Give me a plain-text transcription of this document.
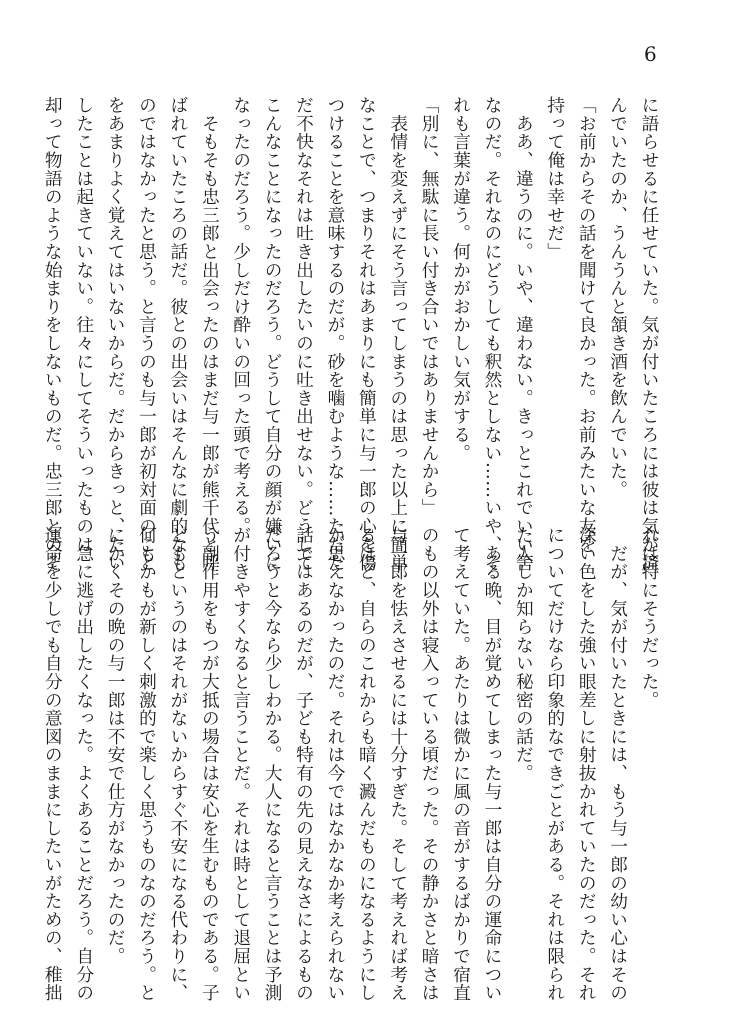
6
に語らせるに任せていた。気が付いたころには彼は気が済
んでいたのか、うんうんと頷き酒を飲んでいた。
「お前からその話を聞けて良かった。お前みたいな友を
持って俺は幸せだ」
　ああ、違うのに。いや、違わない。きっとこれでいい筈
なのだ。それなのにどうしても釈然としない……いや、そ
れも言葉が違う。何かがおかしい気がする。
「別に、無駄に長い付き合いではありませんから」
　表情を変えずにそう言ってしまうのは思った以上に簡単
なことで、つまりそれはあまりにも簡単に与一郎の心を傷
つけることを意味するのだが。砂を噛むような……ただた
だ不快なそれは吐き出したいのに吐き出せない。どうして
こんなことになったのだろう。どうして自分の顔が嫌いに
なったのだろう。少しだけ酔いの回った頭で考える。
　そもそも忠三郎と出会ったのはまだ与一郎が熊千代と呼
ばれていたころの話だ。彼との出会いはそんなに劇的なも
のではなかったと思う。と言うのも与一郎が初対面のこと
をあまりよく覚えてはいないからだ。だからきっと、たい
したことは起きていない。往々にしてそういったものは
却って物語のような始まりをしないものだ。忠三郎とのそ
れは特にそうだった。
　だが、気が付いたときには、もう与一郎の幼い心はその
深い色をした強い眼差しに射抜かれていたのだった。それ
についてだけなら印象的なできごとがある。それは限られ
た人しか知らない秘密の話だ。
　ある晩、目が覚めてしまった与一郎は自分の運命につい
て考えていた。あたりは微かに風の音がするばかりで宿直
のもの以外は寝入っている頃だった。その静かさと暗さは
与一郎を怯えさせるには十分すぎた。そして考えれば考え
るほど、自らのこれからも暗く澱んだものになるようにし
か思えなかったのだ。それは今ではなかなか考えられない
話ではあるのだが、子ども特有の先の見えなさによるもの
だろうと今なら少しわかる。大人になると言うことは予測
が付きやすくなると言うことだ。それは時として退屈とい
う副作用をもつが大抵の場合は安心を生むものである。子
どもというのはそれがないからすぐ不安になる代わりに、
何もかもが新しく刺激的で楽しく思うものなのだろう。と
にかくその晩の与一郎は不安で仕方がなかったのだ。
　急に逃げ出したくなった。よくあることだろう。自分の
運命を少しでも自分の意図のままにしたいがための、稚拙
